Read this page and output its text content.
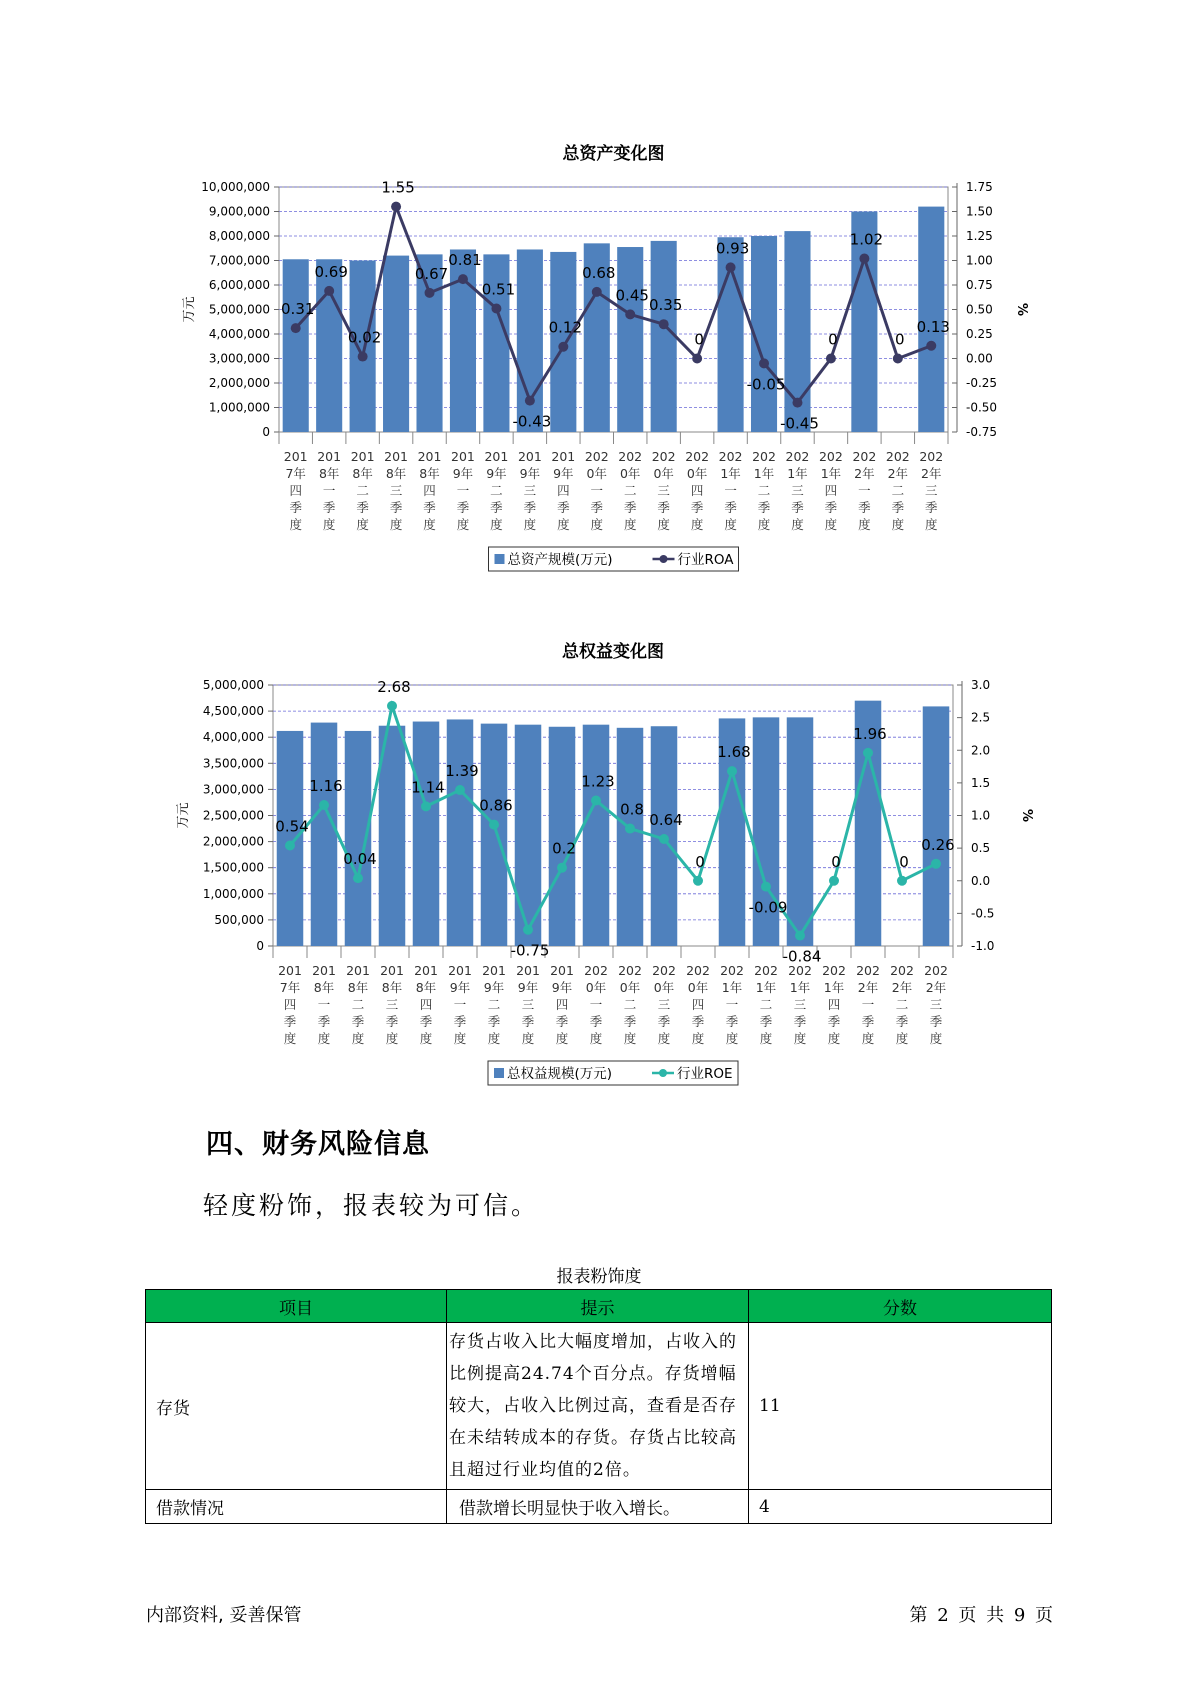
总资产变化图
0
1,000,000
2,000,000
3,000,000
4,000,000
5,000,000
6,000,000
7,000,000
8,000,000
9,000,000
10,000,000
-0.75
-0.50
-0.25
0.00
0.25
0.50
0.75
1.00
1.25
1.50
1.75
万元	%
201
7年
四
季
度
201
8年
一
季
度
201
8年
二
季
度
201
8年
三
季
度
201
8年
四
季
度
201
9年
一
季
度
201
9年
二
季
度
201
9年
三
季
度
201
9年
四
季
度
202
0年
一
季
度
202
0年
二
季
度
202
0年
三
季
度
202
0年
四
季
度
202
1年
一
季
度
202
1年
二
季
度
202
1年
三
季
度
202
1年
四
季
度
202
2年
一
季
度
202
2年
二
季
度
202
2年
三
季
度
0.31
0.69
0.02
1.55
0.67
0.81
0.51
-0.43
0.12
0.68
0.45
0.35
0
0.93
-0.05
-0.45
0
1.02
0
0.13
总资产规模(万元)	行业ROA
总权益变化图
0
500,000
1,000,000
1,500,000
2,000,000
2,500,000
3,000,000
3,500,000
4,000,000
4,500,000
5,000,000
-1.0
-0.5
0.0
0.5
1.0
1.5
2.0
2.5
3.0
万元	%
201
7年
四
季
度
201
8年
一
季
度
201
8年
二
季
度
201
8年
三
季
度
201
8年
四
季
度
201
9年
一
季
度
201
9年
二
季
度
201
9年
三
季
度
201
9年
四
季
度
202
0年
一
季
度
202
0年
二
季
度
202
0年
三
季
度
202
0年
四
季
度
202
1年
一
季
度
202
1年
二
季
度
202
1年
三
季
度
202
1年
四
季
度
202
2年
一
季
度
202
2年
二
季
度
202
2年
三
季
度
0.54
1.16
0.04
2.68
1.14
1.39
0.86
-0.75
0.2
1.23
0.8
0.64
0
1.68
-0.09
-0.84
0
1.96
0
0.26
总权益规模(万元)	行业ROE
四、财务风险信息

轻度粉饰，报表较为可信。

报表粉饰度
项目	提示	分数
存货	存货占收入比大幅度增加，占收入的比例提高24.74个百分点。存货增幅较大，占收入比例过高，查看是否存在未结转成本的存货。存货占比较高且超过行业均值的2倍。	11
借款情况	借款增长明显快于收入增长。	4
内部资料, 妥善保管	第 2 页 共 9 页
